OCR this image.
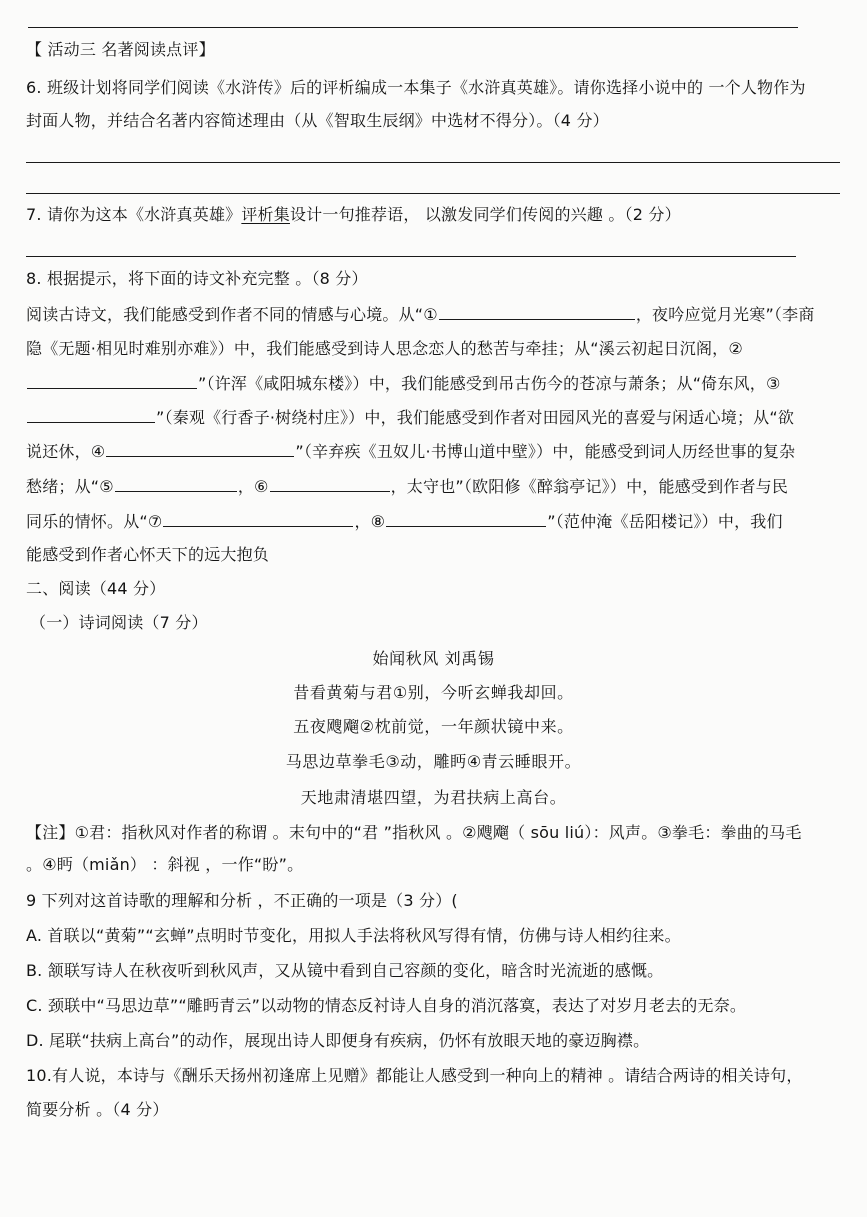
【 活动三 名著阅读点评】
6. 班级计划将同学们阅读《水浒传》后的评析编成一本集子《水浒真英雄》。请你选择小说中的 一个人物作为
封面人物，并结合名著内容简述理由（从《智取生辰纲》中选材不得分）。（4 分）
7. 请你为这本《水浒真英雄》评析集设计一句推荐语， 以激发同学们传阅的兴趣 。（2 分）
8. 根据提示，将下面的诗文补充完整 。（8 分）
阅读古诗文，我们能感受到作者不同的情感与心境。从“①	，夜吟应觉月光寒”（李商
隐《无题·相见时难别亦难》）中，我们能感受到诗人思念恋人的愁苦与牵挂；从“溪云初起日沉阁，②
”（许浑《咸阳城东楼》）中，我们能感受到吊古伤今的苍凉与萧条；从“倚东风，③
”（秦观《行香子·树绕村庄》）中，我们能感受到作者对田园风光的喜爱与闲适心境；从“欲
说还休，④	”（辛弃疾《丑奴儿·书博山道中壁》）中，能感受到词人历经世事的复杂
愁绪；从“⑤	，⑥	，太守也”（欧阳修《醉翁亭记》）中，能感受到作者与民
同乐的情怀。从“⑦	，⑧	”（范仲淹《岳阳楼记》）中，我们
能感受到作者心怀天下的远大抱负
二、阅读（44 分）
（一）诗词阅读（7 分）
始闻秋风 刘禹锡
昔看黄菊与君①别，今听玄蝉我却回。
五夜飕飗②枕前觉，一年颜状镜中来。
马思边草拳毛③动，雕眄④青云睡眼开。
天地肃清堪四望，为君扶病上高台。
【注】①君：指秋风对作者的称谓 。末句中的“君 ”指秋风 。②飕飗（ sōu liú）：风声。③拳毛：拳曲的马毛
。④眄（miǎn） ：斜视 ，一作“盼”。
9 下列对这首诗歌的理解和分析 ，不正确的一项是（3 分）(
A. 首联以“黄菊”“玄蝉”点明时节变化，用拟人手法将秋风写得有情，仿佛与诗人相约往来。
B. 颔联写诗人在秋夜听到秋风声，又从镜中看到自己容颜的变化，暗含时光流逝的感慨。
C. 颈联中“马思边草”“雕眄青云”以动物的情态反衬诗人自身的消沉落寞，表达了对岁月老去的无奈。
D. 尾联“扶病上高台”的动作，展现出诗人即便身有疾病，仍怀有放眼天地的豪迈胸襟。
10.有人说，本诗与《酬乐天扬州初逢席上见赠》都能让人感受到一种向上的精神 。请结合两诗的相关诗句，
简要分析 。（4 分）
